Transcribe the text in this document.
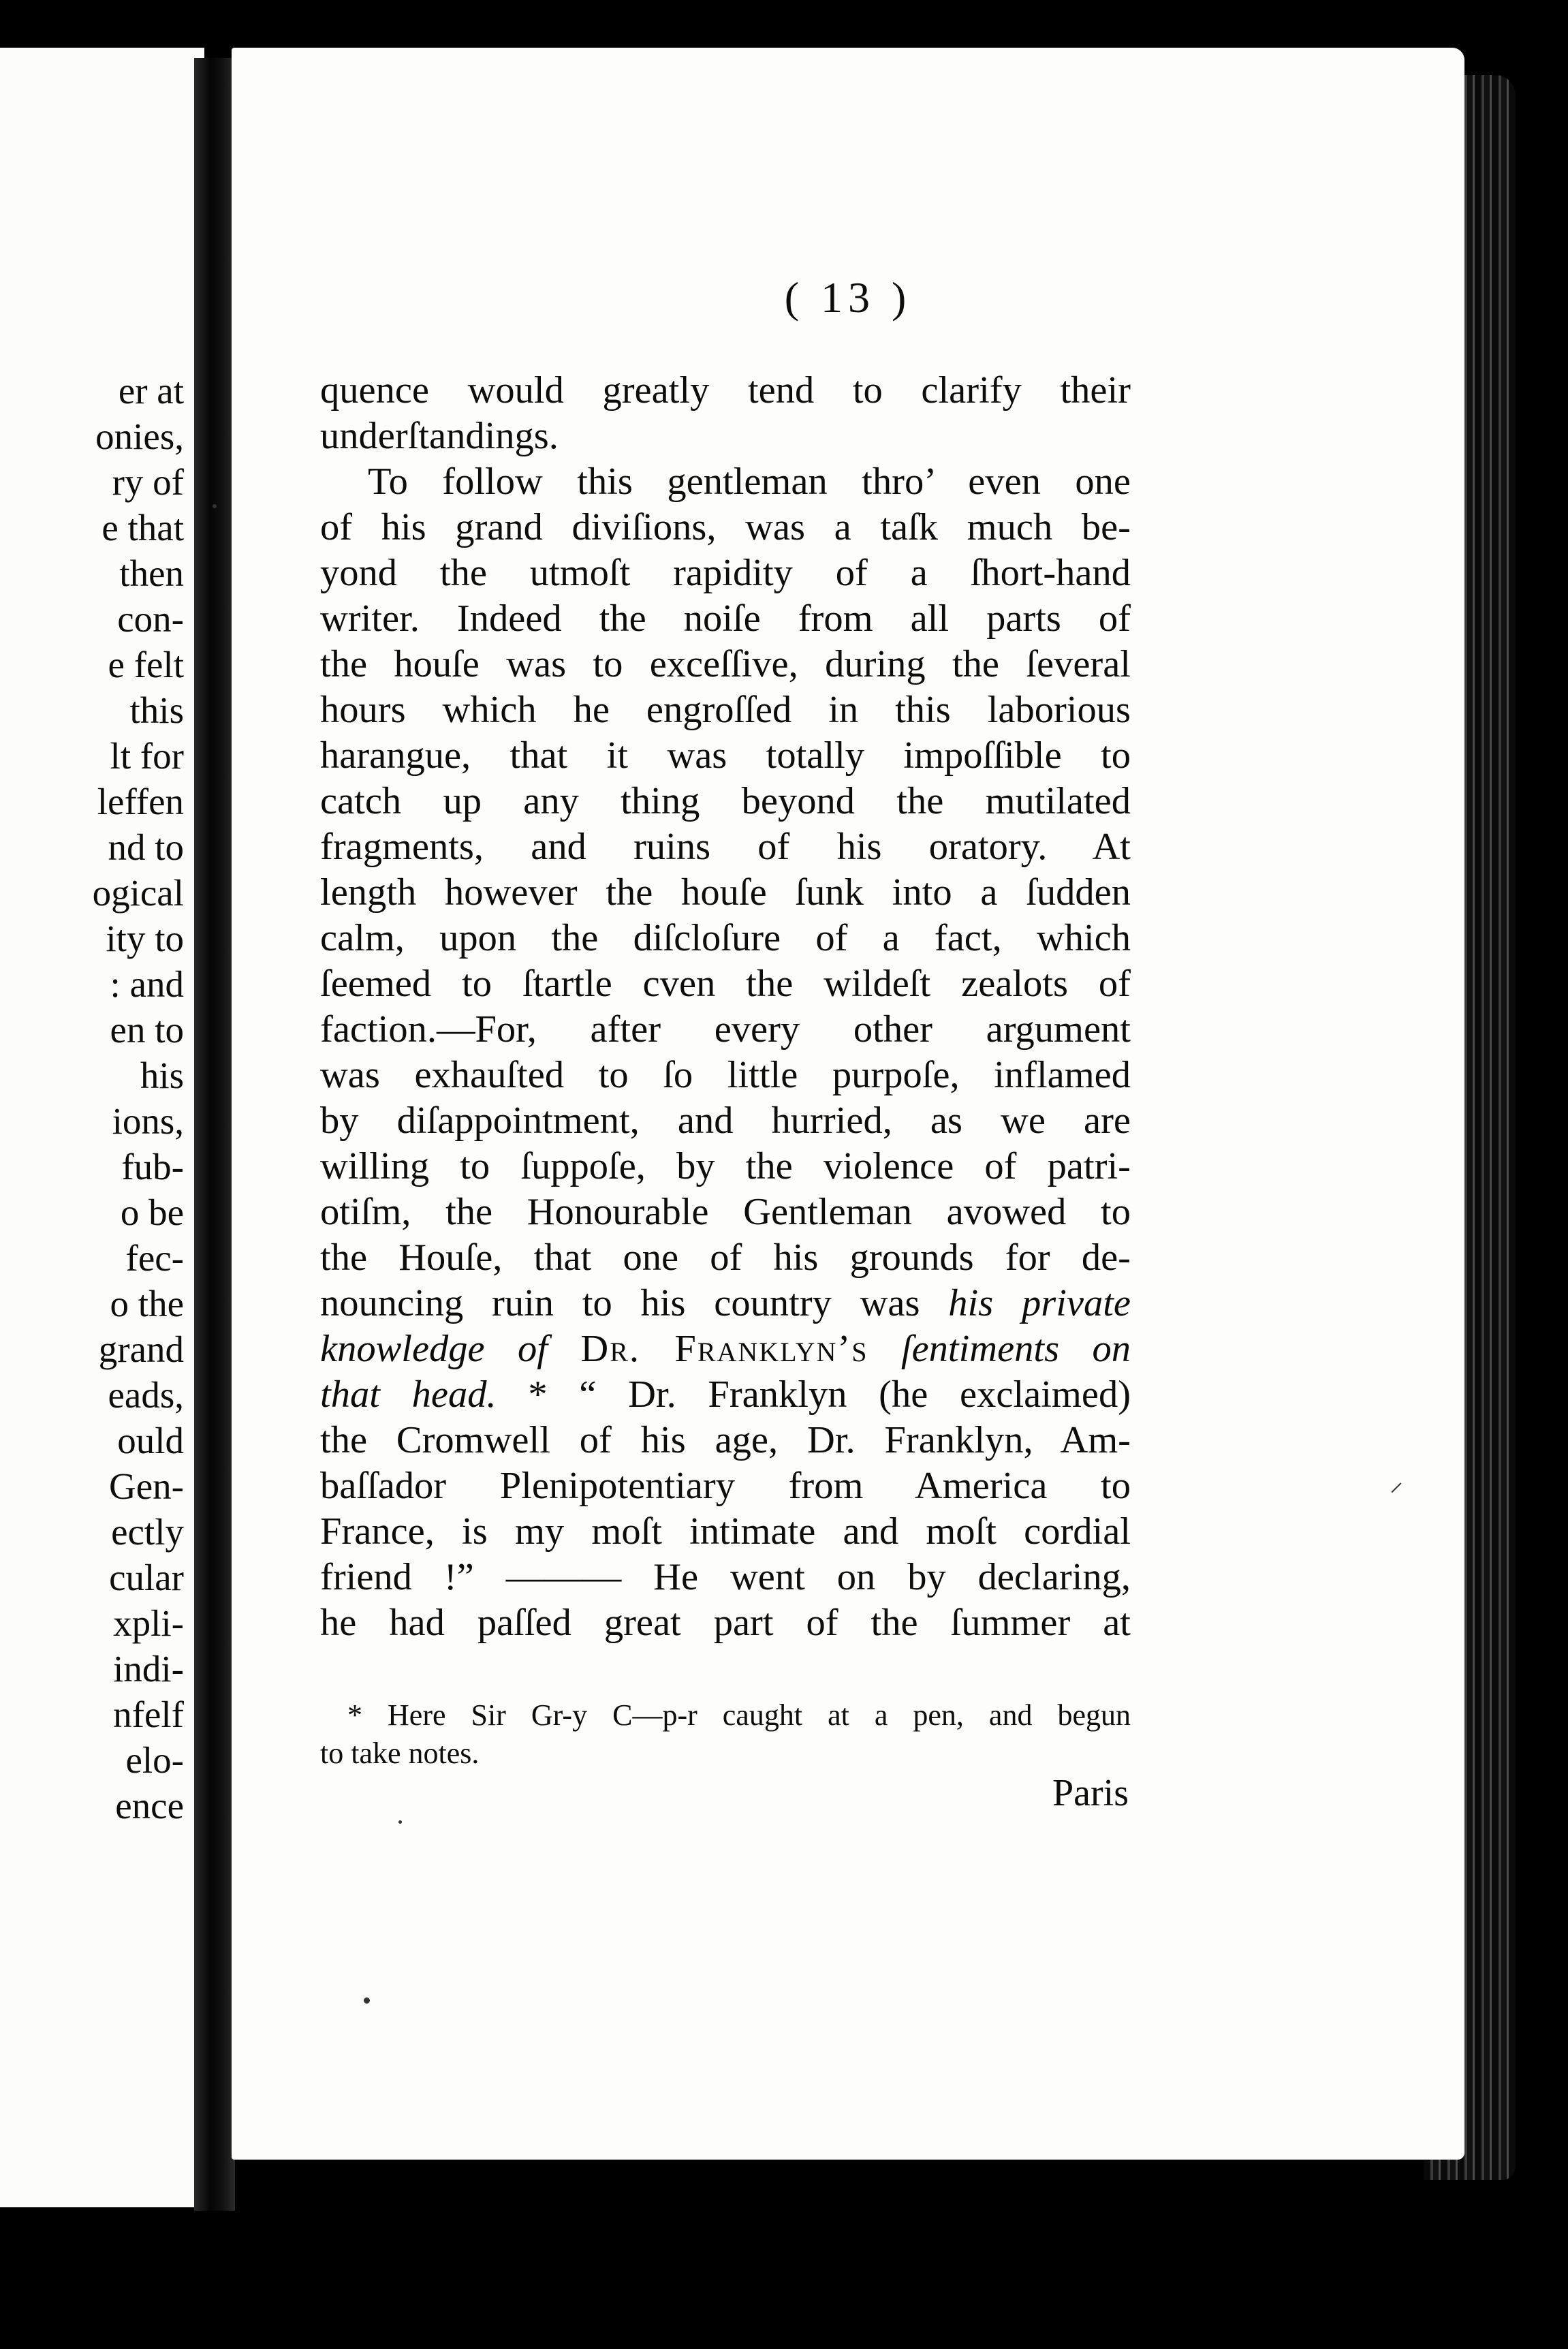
er at
onies,
ry of
e that
then
con-
e felt
this
lt for
leffen
nd to
ogical
ity to
: and
en to
his
ions,
fub-
o be
fec-
o the
grand
eads,
ould
Gen-
ectly
cular
xpli-
indi-
nfelf
elo-
ence
( 13 )
quence would greatly tend to clarify their
underſtandings.
To follow this gentleman thro’ even one
of his grand diviſions, was a taſk much be-
yond the utmoſt rapidity of a ſhort-hand
writer. Indeed the noiſe from all parts of
the houſe was to exceſſive, during the ſeveral
hours which he engroſſed in this laborious
harangue, that it was totally impoſſible to
catch up any thing beyond the mutilated
fragments, and ruins of his oratory. At
length however the houſe ſunk into a ſudden
calm, upon the diſcloſure of a fact, which
ſeemed to ſtartle cven the wildeſt zealots of
faction.—For, after every other argument
was exhauſted to ſo little purpoſe, inflamed
by diſappointment, and hurried, as we are
willing to ſuppoſe, by the violence of patri-
otiſm, the Honourable Gentleman avowed to
the Houſe, that one of his grounds for de-
nouncing ruin to his country was his private
knowledge of Dr. Franklyn’s ſentiments on
that head. * “ Dr. Franklyn (he exclaimed)
the Cromwell of his age, Dr. Franklyn, Am-
baſſador Plenipotentiary from America to
France, is my moſt intimate and moſt cordial
friend !” ——— He went on by declaring,
he had paſſed great part of the ſummer at
* Here Sir Gr-y C—p-r caught at a pen, and begun
to take notes.
Paris
⸝
